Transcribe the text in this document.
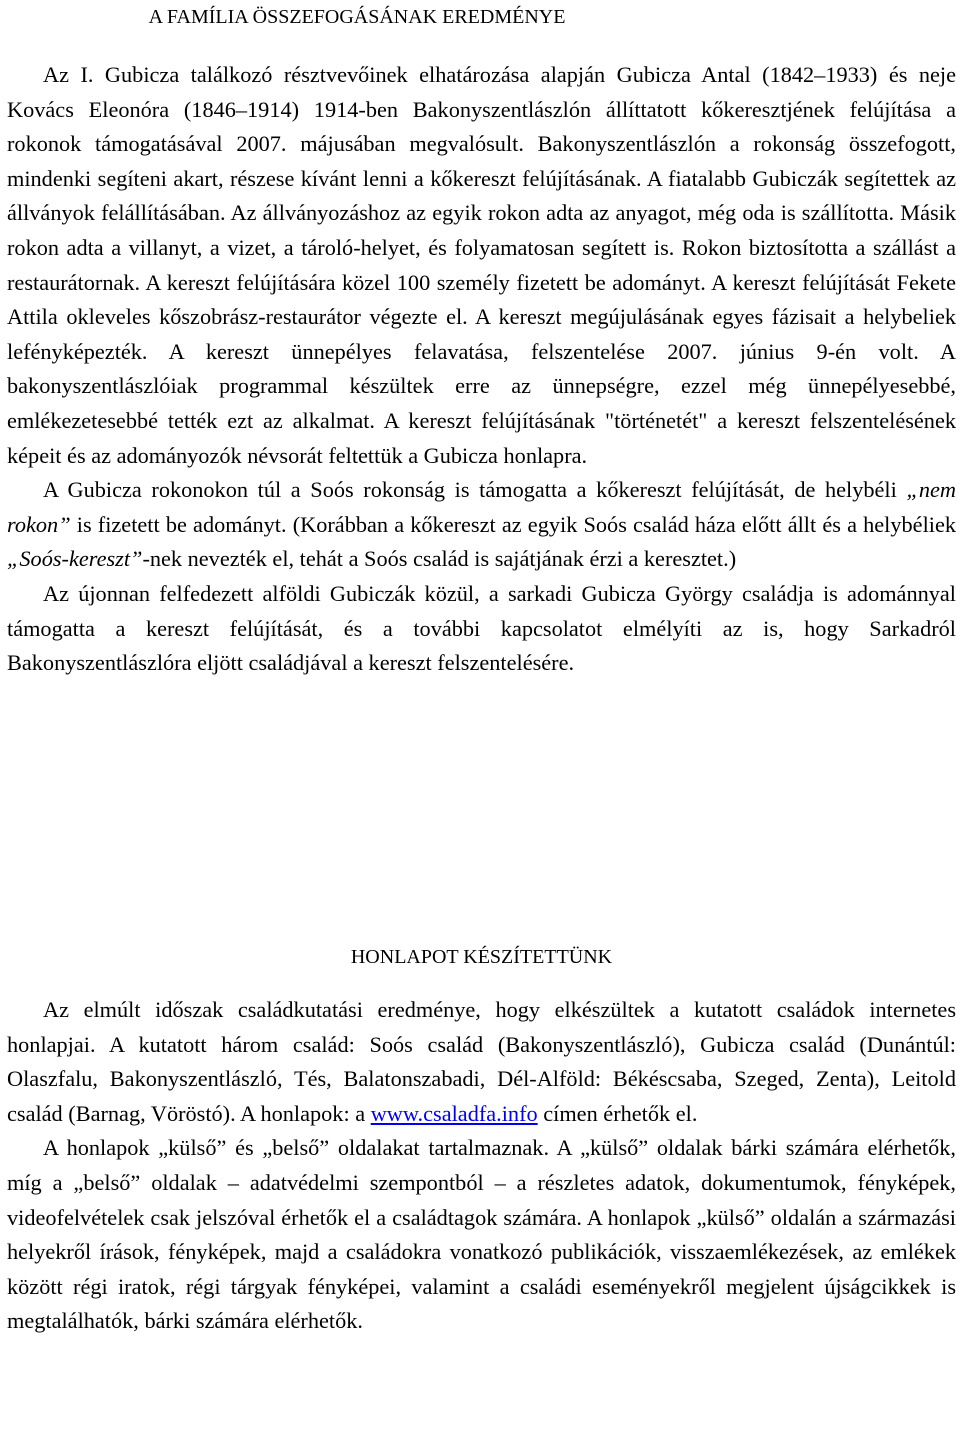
A FAMÍLIA ÖSSZEFOGÁSÁNAK EREDMÉNYE

Az I. Gubicza találkozó résztvevőinek elhatározása alapján Gubicza Antal (1842–1933) és neje Kovács Eleonóra (1846–1914) 1914-ben Bakonyszentlászlón állíttatott kőkeresztjének felújítása a rokonok támogatásával 2007. májusában megvalósult. Bakonyszentlászlón a rokonság összefogott, mindenki segíteni akart, részese kívánt lenni a kőkereszt felújításának. A fiatalabb Gubiczák segítettek az állványok felállításában. Az állványozáshoz az egyik rokon adta az anyagot, még oda is szállította. Másik rokon adta a villanyt, a vizet, a tároló-helyet, és folyamatosan segített is. Rokon biztosította a szállást a restaurátornak. A kereszt felújítására közel 100 személy fizetett be adományt. A kereszt felújítását Fekete Attila okleveles kőszobrász-restaurátor végezte el. A kereszt megújulásának egyes fázisait a helybeliek lefényképezték. A kereszt ünnepélyes felavatása, felszentelése 2007. június 9-én volt. A bakonyszentlászlóiak programmal készültek erre az ünnepségre, ezzel még ünnepélyesebbé, emlékezetesebbé tették ezt az alkalmat. A kereszt felújításának "történetét" a kereszt felszentelésének képeit és az adományozók névsorát feltettük a Gubicza honlapra.

A Gubicza rokonokon túl a Soós rokonság is támogatta a kőkereszt felújítását, de helybéli „nem rokon” is fizetett be adományt. (Korábban a kőkereszt az egyik Soós család háza előtt állt és a helybéliek „Soós-kereszt”-nek nevezték el, tehát a Soós család is sajátjának érzi a keresztet.)

Az újonnan felfedezett alföldi Gubiczák közül, a sarkadi Gubicza György családja is adománnyal támogatta a kereszt felújítását, és a további kapcsolatot elmélyíti az is, hogy Sarkadról Bakonyszentlászlóra eljött családjával a kereszt felszentelésére.

HONLAPOT KÉSZÍTETTÜNK

Az elmúlt időszak családkutatási eredménye, hogy elkészültek a kutatott családok internetes honlapjai. A kutatott három család: Soós család (Bakonyszentlászló), Gubicza család (Dunántúl: Olaszfalu, Bakonyszentlászló, Tés, Balatonszabadi, Dél-Alföld: Békéscsaba, Szeged, Zenta), Leitold család (Barnag, Vöröstó). A honlapok: a www.csaladfa.info címen érhetők el.

A honlapok „külső” és „belső” oldalakat tartalmaznak. A „külső” oldalak bárki számára elérhetők, míg a „belső” oldalak – adatvédelmi szempontból – a részletes adatok, dokumentumok, fényképek, videofelvételek csak jelszóval érhetők el a családtagok számára. A honlapok „külső” oldalán a származási helyekről írások, fényképek, majd a családokra vonatkozó publikációk, visszaemlékezések, az emlékek között régi iratok, régi tárgyak fényképei, valamint a családi eseményekről megjelent újságcikkek is megtalálhatók, bárki számára elérhetők.
